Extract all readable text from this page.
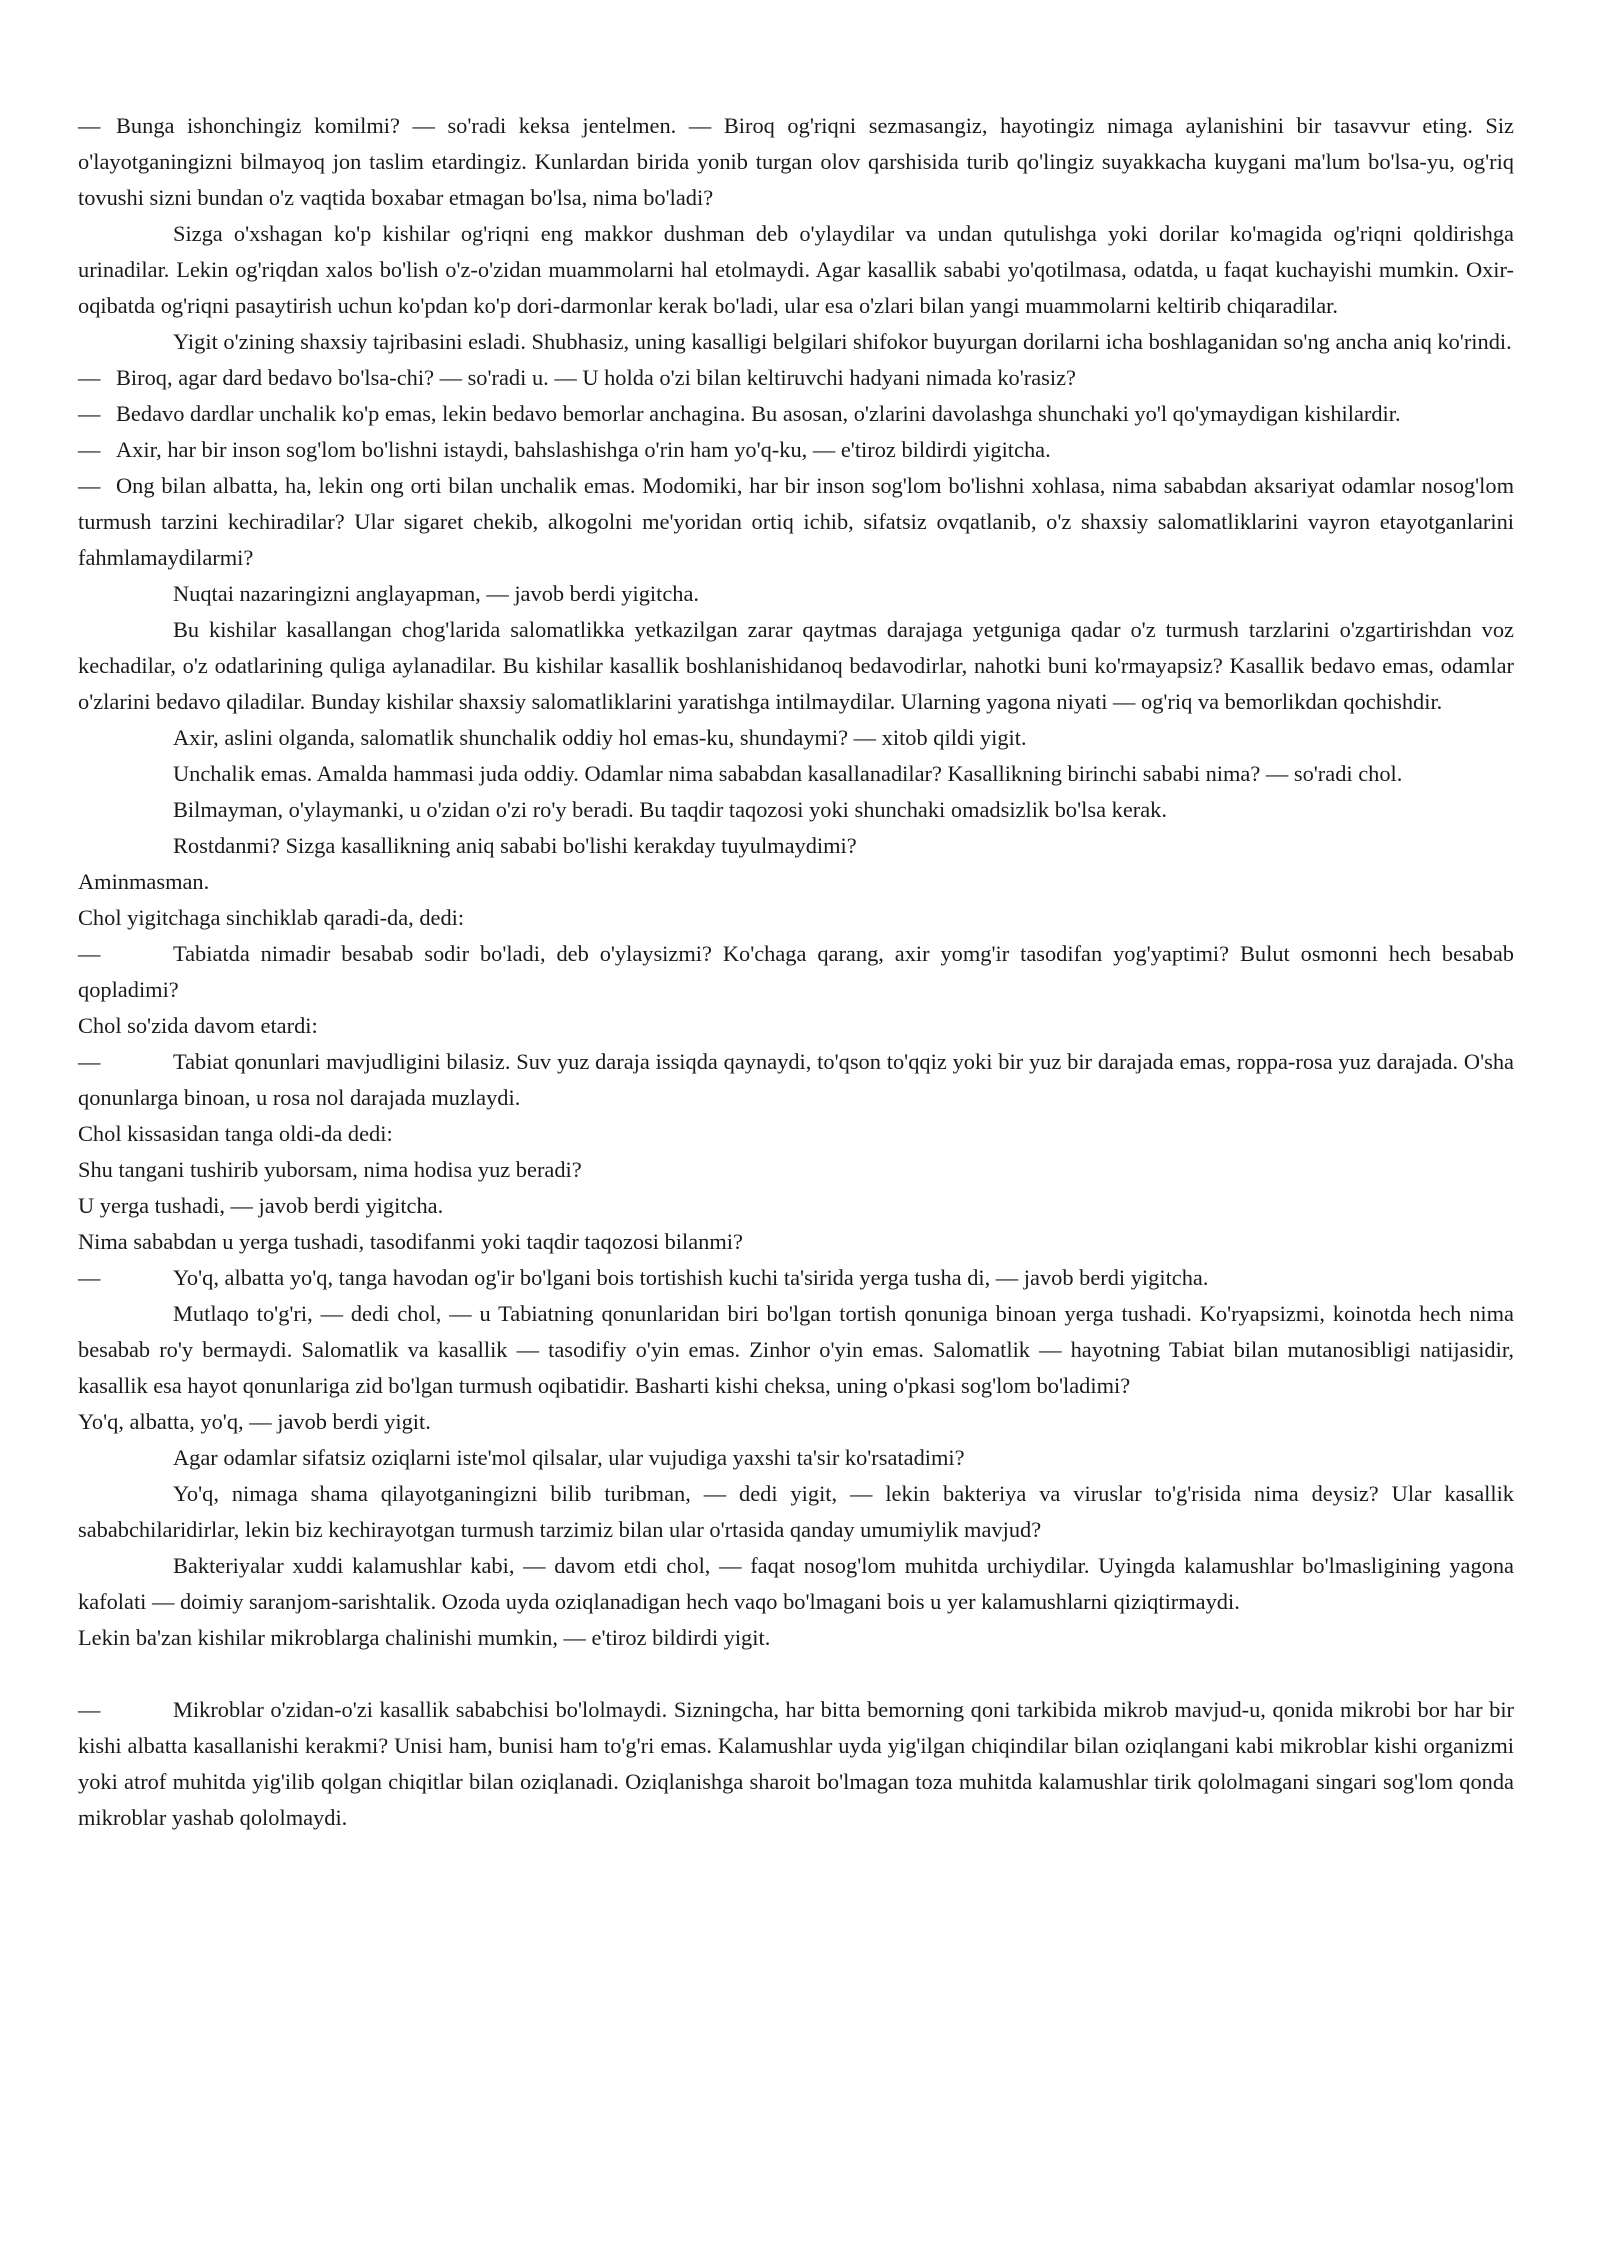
— Bunga ishonchingiz komilmi? — so'radi keksa jentelmen. — Biroq og'riqni sezmasangiz, hayotingiz nimaga aylanishini bir tasavvur eting. Siz o'layotganingizni bilmayoq jon taslim etardingiz. Kunlardan birida yonib turgan olov qarshisida turib qo'lingiz suyakkacha kuygani ma'lum bo'lsa-yu, og'riq tovushi sizni bundan o'z vaqtida boxabar etmagan bo'lsa, nima bo'ladi?

Sizga o'xshagan ko'p kishilar og'riqni eng makkor dushman deb o'ylaydilar va undan qutulishga yoki dorilar ko'magida og'riqni qoldirishga urinadilar. Lekin og'riqdan xalos bo'lish o'z-o'zidan muammolarni hal etolmaydi. Agar kasallik sababi yo'qotilmasa, odatda, u faqat kuchayishi mumkin. Oxir-oqibatda og'riqni pasaytirish uchun ko'pdan ko'p dori-darmonlar kerak bo'ladi, ular esa o'zlari bilan yangi muammolarni keltirib chiqaradilar.

Yigit o'zining shaxsiy tajribasini esladi. Shubhasiz, uning kasalligi belgilari shifokor buyurgan dorilarni icha boshlaganidan so'ng ancha aniq ko'rindi.

— Biroq, agar dard bedavo bo'lsa-chi? — so'radi u. — U holda o'zi bilan keltiruvchi hadyani nimada ko'rasiz?

— Bedavo dardlar unchalik ko'p emas, lekin bedavo bemorlar anchagina. Bu asosan, o'zlarini davolashga shunchaki yo'l qo'ymaydigan kishilardir.

— Axir, har bir inson sog'lom bo'lishni istaydi, bahslashishga o'rin ham yo'q-ku, — e'tiroz bildirdi yigitcha.

— Ong bilan albatta, ha, lekin ong orti bilan unchalik emas. Modomiki, har bir inson sog'lom bo'lishni xohlasa, nima sababdan aksariyat odamlar nosog'lom turmush tarzini kechiradilar? Ular sigaret chekib, alkogolni me'yoridan ortiq ichib, sifatsiz ovqatlanib, o'z shaxsiy salomatliklarini vayron etayotganlarini fahmlamaydilarmi?

Nuqtai nazaringizni anglayapman, — javob berdi yigitcha.

Bu kishilar kasallangan chog'larida salomatlikka yetkazilgan zarar qaytmas darajaga yetguniga qadar o'z turmush tarzlarini o'zgartirishdan voz kechadilar, o'z odatlarining quliga aylanadilar. Bu kishilar kasallik boshlanishidanoq bedavodirlar, nahotki buni ko'rmayapsiz? Kasallik bedavo emas, odamlar o'zlarini bedavo qiladilar. Bunday kishilar shaxsiy salomatliklarini yaratishga intilmaydilar. Ularning yagona niyati — og'riq va bemorlikdan qochishdir.

Axir, aslini olganda, salomatlik shunchalik oddiy hol emas-ku, shundaymi? — xitob qildi yigit.

Unchalik emas. Amalda hammasi juda oddiy. Odamlar nima sababdan kasallanadilar? Kasallikning birinchi sababi nima? — so'radi chol.

Bilmayman, o'ylaymanki, u o'zidan o'zi ro'y beradi. Bu taqdir taqozosi yoki shunchaki omadsizlik bo'lsa kerak.

Rostdanmi? Sizga kasallikning aniq sababi bo'lishi kerakday tuyulmaydimi?

Aminmasman.

Chol yigitchaga sinchiklab qaradi-da, dedi:

—	Tabiatda nimadir besabab sodir bo'ladi, deb o'ylaysizmi? Ko'chaga qarang, axir yomg'ir tasodifan yog'yaptimi? Bulut osmonni hech besabab qopladimi?

Chol so'zida davom etardi:

—	Tabiat qonunlari mavjudligini bilasiz. Suv yuz daraja issiqda qaynaydi, to'qson to'qqiz yoki bir yuz bir darajada emas, roppa-rosa yuz darajada. O'sha qonunlarga binoan, u rosa nol darajada muzlaydi.

Chol kissasidan tanga oldi-da dedi:

Shu tangani tushirib yuborsam, nima hodisa yuz beradi?

U yerga tushadi, — javob berdi yigitcha.

Nima sababdan u yerga tushadi, tasodifanmi yoki taqdir taqozosi bilanmi?

—	Yo'q, albatta yo'q, tanga havodan og'ir bo'lgani bois tortishish kuchi ta'sirida yerga tusha di, — javob berdi yigitcha.

Mutlaqo to'g'ri, — dedi chol, — u Tabiatning qonunlaridan biri bo'lgan tortish qonuniga binoan yerga tushadi. Ko'ryapsizmi, koinotda hech nima besabab ro'y bermaydi. Salomatlik va kasallik — tasodifiy o'yin emas. Zinhor o'yin emas. Salomatlik — hayotning Tabiat bilan mutanosibligi natijasidir, kasallik esa hayot qonunlariga zid bo'lgan turmush oqibatidir. Basharti kishi cheksa, uning o'pkasi sog'lom bo'ladimi?

Yo'q, albatta, yo'q, — javob berdi yigit.

Agar odamlar sifatsiz oziqlarni iste'mol qilsalar, ular vujudiga yaxshi ta'sir ko'rsatadimi?

Yo'q, nimaga shama qilayotganingizni bilib turibman, — dedi yigit, — lekin bakteriya va viruslar to'g'risida nima deysiz? Ular kasallik sababchilaridirlar, lekin biz kechirayotgan turmush tarzimiz bilan ular o'rtasida qanday umumiylik mavjud?

Bakteriyalar xuddi kalamushlar kabi, — davom etdi chol, — faqat nosog'lom muhitda urchiydilar. Uyingda kalamushlar bo'lmasligining yagona kafolati — doimiy saranjom-sarishtalik. Ozoda uyda oziqlanadigan hech vaqo bo'lmagani bois u yer kalamushlarni qiziqtirmaydi.

Lekin ba'zan kishilar mikroblarga chalinishi mumkin, — e'tiroz bildirdi yigit.

—	Mikroblar o'zidan-o'zi kasallik sababchisi bo'lolmaydi. Sizningcha, har bitta bemorning qoni tarkibida mikrob mavjud-u, qonida mikrobi bor har bir kishi albatta kasallanishi kerakmi? Unisi ham, bunisi ham to'g'ri emas. Kalamushlar uyda yig'ilgan chiqindilar bilan oziqlangani kabi mikroblar kishi organizmi yoki atrof muhitda yig'ilib qolgan chiqitlar bilan oziqlanadi. Oziqlanishga sharoit bo'lmagan toza muhitda kalamushlar tirik qololmagani singari sog'lom qonda mikroblar yashab qololmaydi.
